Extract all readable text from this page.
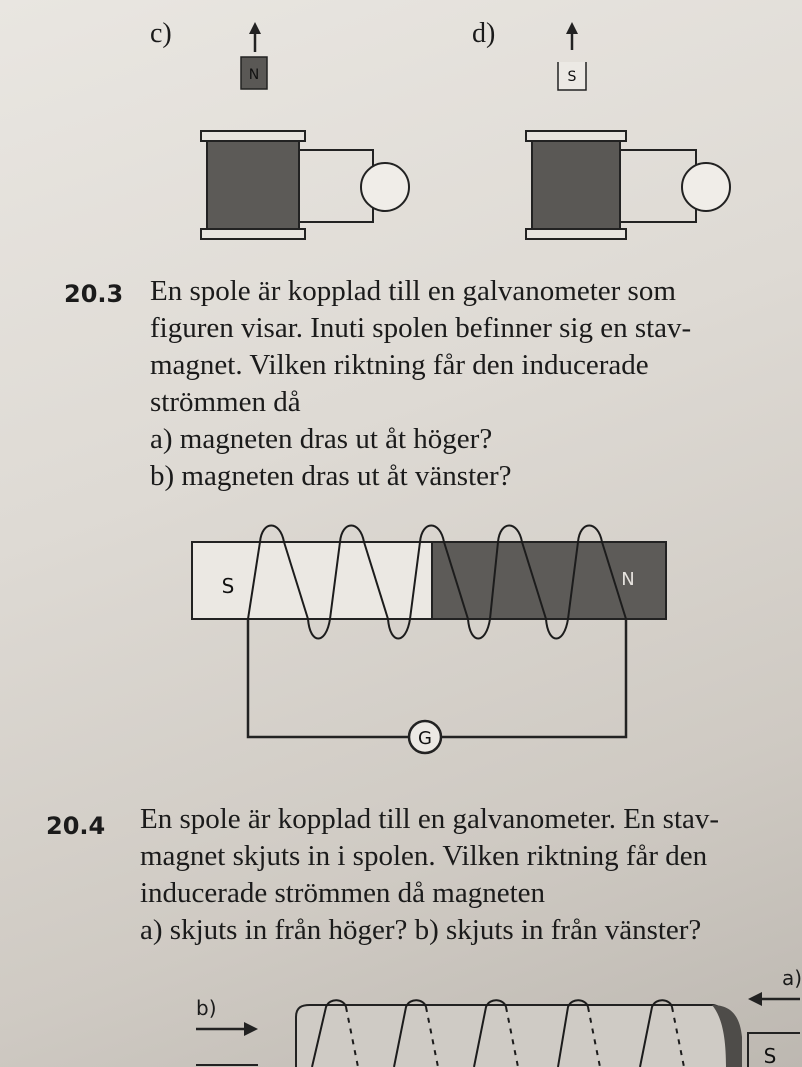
c)	d)
N	S
20.3 En spole är kopplad till en galvanometer som
figuren visar. Inuti spolen befinner sig en stav-
magnet. Vilken riktning får den inducerade
strömmen då
a) magneten dras ut åt höger?
b) magneten dras ut åt vänster?
S	N
G
20.4 En spole är kopplad till en galvanometer. En stav-
magnet skjuts in i spolen. Vilken riktning får den
inducerade strömmen då magneten
a) skjuts in från höger? b) skjuts in från vänster?
b)
a)
S
